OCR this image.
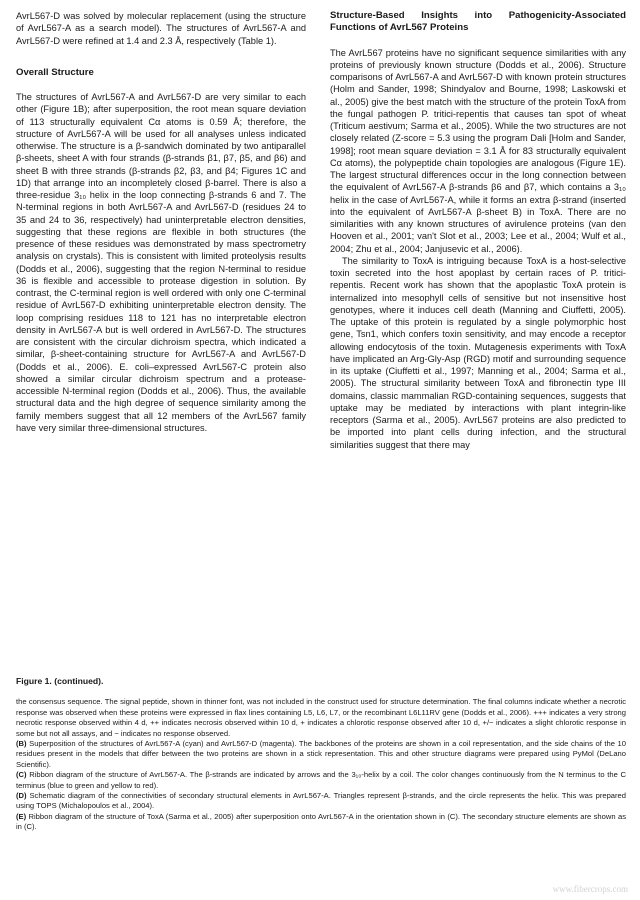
AvrL567-D was solved by molecular replacement (using the structure of AvrL567-A as a search model). The structures of AvrL567-A and AvrL567-D were refined at 1.4 and 2.3 Å, respectively (Table 1).

Overall Structure

The structures of AvrL567-A and AvrL567-D are very similar to each other (Figure 1B); after superposition, the root mean square deviation of 113 structurally equivalent Cα atoms is 0.59 Å; therefore, the structure of AvrL567-A will be used for all analyses unless indicated otherwise. The structure is a β-sandwich dominated by two antiparallel β-sheets, sheet A with four strands (β-strands β1, β7, β5, and β6) and sheet B with three strands (β-strands β2, β3, and β4; Figures 1C and 1D) that arrange into an incompletely closed β-barrel. There is also a three-residue 3₁₀ helix in the loop connecting β-strands 6 and 7. The N-terminal regions in both AvrL567-A and AvrL567-D (residues 24 to 35 and 24 to 36, respectively) had uninterpretable electron densities, suggesting that these regions are flexible in both structures (the presence of these residues was demonstrated by mass spectrometry analysis on crystals). This is consistent with limited proteolysis results (Dodds et al., 2006), suggesting that the region N-terminal to residue 36 is flexible and accessible to protease digestion in solution. By contrast, the C-terminal region is well ordered with only one C-terminal residue of AvrL567-D exhibiting uninterpretable electron density. The loop comprising residues 118 to 121 has no interpretable electron density in AvrL567-A but is well ordered in AvrL567-D. The structures are consistent with the circular dichroism spectra, which indicated a similar, β-sheet-containing structure for AvrL567-A and AvrL567-D (Dodds et al., 2006). E. coli–expressed AvrL567-C protein also showed a similar circular dichroism spectrum and a protease-accessible N-terminal region (Dodds et al., 2006). Thus, the available structural data and the high degree of sequence similarity among the family members suggest that all 12 members of the AvrL567 family have very similar three-dimensional structures.

Structure-Based Insights into Pathogenicity-Associated Functions of AvrL567 Proteins

The AvrL567 proteins have no significant sequence similarities with any proteins of previously known structure (Dodds et al., 2006). Structure comparisons of AvrL567-A and AvrL567-D with known protein structures (Holm and Sander, 1998; Shindyalov and Bourne, 1998; Laskowski et al., 2005) give the best match with the structure of the protein ToxA from the fungal pathogen P. tritici-repentis that causes tan spot of wheat (Triticum aestivum; Sarma et al., 2005). While the two structures are not closely related (Z-score = 5.3 using the program Dali [Holm and Sander, 1998]; root mean square deviation = 3.1 Å for 83 structurally equivalent Cα atoms), the polypeptide chain topologies are analogous (Figure 1E). The largest structural differences occur in the long connection between the equivalent of AvrL567-A β-strands β6 and β7, which contains a 3₁₀ helix in the case of AvrL567-A, while it forms an extra β-strand (inserted into the equivalent of AvrL567-A β-sheet B) in ToxA. There are no similarities with any known structures of avirulence proteins (van den Hooven et al., 2001; van't Slot et al., 2003; Lee et al., 2004; Wulf et al., 2004; Zhu et al., 2004; Janjusevic et al., 2006).

The similarity to ToxA is intriguing because ToxA is a host-selective toxin secreted into the host apoplast by certain races of P. tritici-repentis. Recent work has shown that the apoplastic ToxA protein is internalized into mesophyll cells of sensitive but not insensitive host genotypes, where it induces cell death (Manning and Ciuffetti, 2005). The uptake of this protein is regulated by a single polymorphic host gene, Tsn1, which confers toxin sensitivity, and may encode a receptor allowing endocytosis of the toxin. Mutagenesis experiments with ToxA have implicated an Arg-Gly-Asp (RGD) motif and surrounding sequence in its uptake (Ciuffetti et al., 1997; Manning et al., 2004; Sarma et al., 2005). The structural similarity between ToxA and fibronectin type III domains, classic mammalian RGD-containing sequences, suggests that uptake may be mediated by interactions with plant integrin-like receptors (Sarma et al., 2005). AvrL567 proteins are also predicted to be imported into plant cells during infection, and the structural similarities suggest that there may

Figure 1. (continued).

the consensus sequence. The signal peptide, shown in thinner font, was not included in the construct used for structure determination. The final columns indicate whether a necrotic response was observed when these proteins were expressed in flax lines containing L5, L6, L7, or the recombinant L6L11RV gene (Dodds et al., 2006). +++ indicates a very strong necrotic response observed within 4 d, ++ indicates necrosis observed within 10 d, + indicates a chlorotic response observed after 10 d, +/− indicates a slight chlorotic response in some but not all assays, and − indicates no response observed.

(B) Superposition of the structures of AvrL567-A (cyan) and AvrL567-D (magenta). The backbones of the proteins are shown in a coil representation, and the side chains of the 10 residues present in the models that differ between the two proteins are shown in a stick representation. This and other structure diagrams were prepared using PyMol (DeLano Scientific).

(C) Ribbon diagram of the structure of AvrL567-A. The β-strands are indicated by arrows and the 3₁₀-helix by a coil. The color changes continuously from the N terminus to the C terminus (blue to green and yellow to red).

(D) Schematic diagram of the connectivities of secondary structural elements in AvrL567-A. Triangles represent β-strands, and the circle represents the helix. This was prepared using TOPS (Michalopoulos et al., 2004).

(E) Ribbon diagram of the structure of ToxA (Sarma et al., 2005) after superposition onto AvrL567-A in the orientation shown in (C). The secondary structure elements are shown as in (C).

www.fibercrops.com
